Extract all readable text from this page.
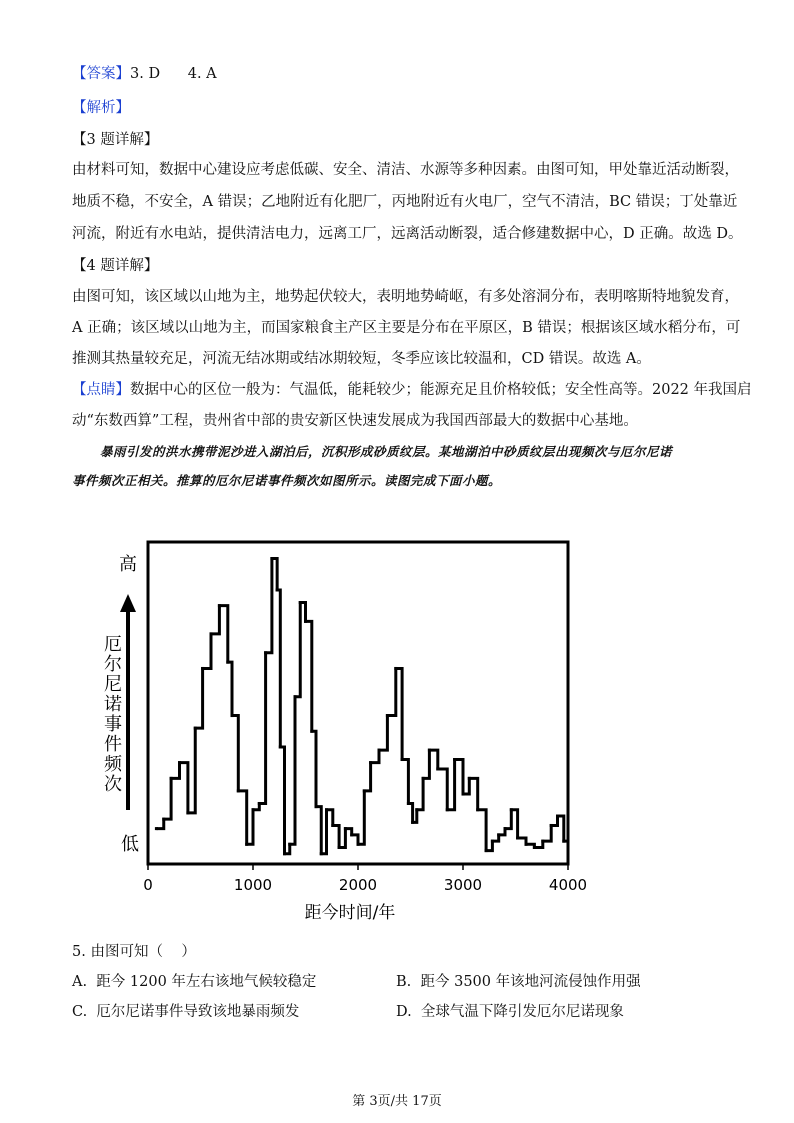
【答案】3. D      4. A
【解析】
【3 题详解】
由材料可知，数据中心建设应考虑低碳、安全、清洁、水源等多种因素。由图可知，甲处靠近活动断裂，
地质不稳，不安全，A 错误；乙地附近有化肥厂，丙地附近有火电厂，空气不清洁，BC 错误；丁处靠近
河流，附近有水电站，提供清洁电力，远离工厂，远离活动断裂，适合修建数据中心，D 正确。故选 D。
【4 题详解】
由图可知，该区域以山地为主，地势起伏较大，表明地势崎岖，有多处溶洞分布，表明喀斯特地貌发育，
A 正确；该区域以山地为主，而国家粮食主产区主要是分布在平原区，B 错误；根据该区域水稻分布，可
推测其热量较充足，河流无结冰期或结冰期较短，冬季应该比较温和，CD 错误。故选 A。
【点睛】数据中心的区位一般为：气温低，能耗较少；能源充足且价格较低；安全性高等。2022 年我国启
动“东数西算”工程，贵州省中部的贵安新区快速发展成为我国西部最大的数据中心基地。
暴雨引发的洪水携带泥沙进入湖泊后，沉积形成砂质纹层。某地湖泊中砂质纹层出现频次与厄尔尼诺
事件频次正相关。推算的厄尔尼诺事件频次如图所示。读图完成下面小题。
高
低
厄尔尼诺事件频次
距今时间/年
0	1000	2000	3000	4000
5. 由图可知（    ）
A.  距今 1200 年左右该地气候较稳定	B.  距今 3500 年该地河流侵蚀作用强
C.  厄尔尼诺事件导致该地暴雨频发	D.  全球气温下降引发厄尔尼诺现象
第 3页/共 17页
